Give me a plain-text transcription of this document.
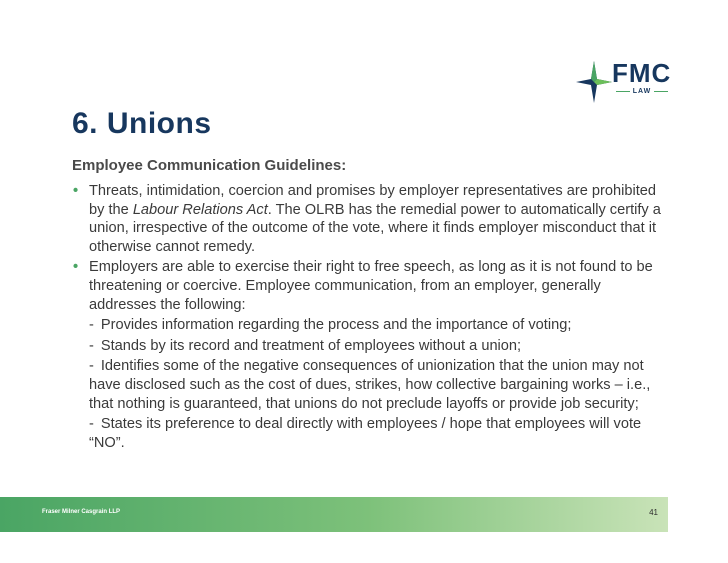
FMC
LAW
6. Unions
Employee Communication Guidelines:

• Threats, intimidation, coercion and promises by employer representatives are prohibited by the Labour Relations Act. The OLRB has the remedial power to automatically certify a union, irrespective of the outcome of the vote, where it finds employer misconduct that it otherwise cannot remedy.

• Employers are able to exercise their right to free speech, as long as it is not found to be threatening or coercive. Employee communication, from an employer, generally addresses the following:

- Provides information regarding the process and the importance of voting;

- Stands by its record and treatment of employees without a union;

- Identifies some of the negative consequences of unionization that the union may not have disclosed such as the cost of dues, strikes, how collective bargaining works – i.e., that nothing is guaranteed, that unions do not preclude layoffs or provide job security;

- States its preference to deal directly with employees / hope that employees will vote “NO”.

Fraser Milner Casgrain LLP	41
